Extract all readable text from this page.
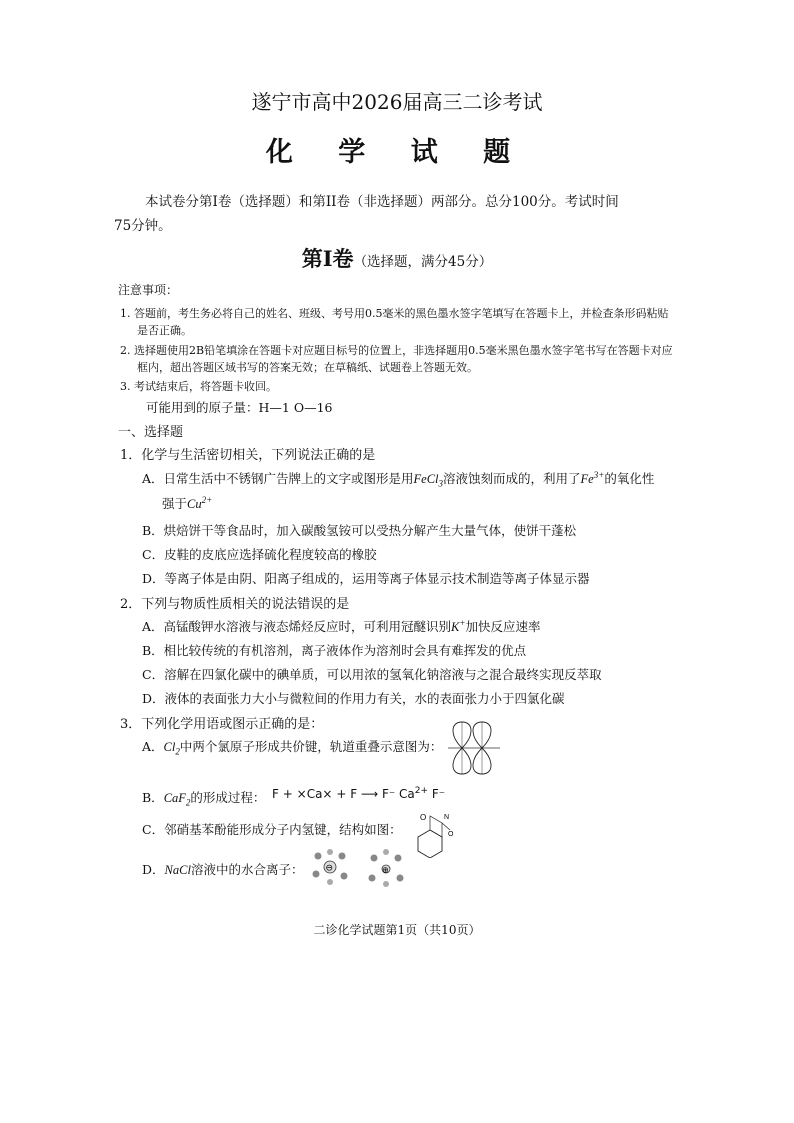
遂宁市高中2026届高三二诊考试
化 学 试 题
本试卷分第Ⅰ卷（选择题）和第II卷（非选择题）两部分。总分100分。考试时间
75分钟。
第Ⅰ卷（选择题，满分45分）
注意事项：
1. 答题前，考生务必将自己的姓名、班级、考号用0.5毫米的黑色墨水签字笔填写在答题卡上，并检查条形码粘贴
是否正确。
2. 选择题使用2B铅笔填涂在答题卡对应题目标号的位置上，非选择题用0.5毫米黑色墨水签字笔书写在答题卡对应
框内，超出答题区域书写的答案无效；在草稿纸、试题卷上答题无效。
3. 考试结束后，将答题卡收回。
可能用到的原子量：H—1 O—16
一、选择题
1．化学与生活密切相关，下列说法正确的是
A．日常生活中不锈钢广告牌上的文字或图形是用FeCl$_3$溶液蚀刻而成的，利用了$Fe^{3+}$的氧化性
强于$Cu^{2+}$
B．烘焙饼干等食品时，加入碳酸氢铵可以受热分解产生大量气体，使饼干蓬松
C．皮鞋的皮底应选择硫化程度较高的橡胶
D．等离子体是由阴、阳离子组成的，运用等离子体显示技术制造等离子体显示器
2．下列与物质性质相关的说法错误的是
A．高锰酸钾水溶液与液态烯烃反应时，可利用冠醚识别K+加快反应速率
B．相比较传统的有机溶剂，离子液体作为溶剂时会具有难挥发的优点
C．溶解在四氯化碳中的碘单质，可以用浓的氢氧化钠溶液与之混合最终实现反萃取
D．液体的表面张力大小与微粒间的作用力有关，水的表面张力小于四氯化碳
3．下列化学用语或图示正确的是：
A．$Cl_2$中两个氯原子形成共价键，轨道重叠示意图为：
B．CaF$_2$的形成过程： F + ×Ca× + F ⟶ F⁻ $Ca^{2+}$ F⁻
C．邻硝基苯酚能形成分子内氢键，结构如图：
O	N
O
D．NaCl溶液中的水合离子： ⊖	⊕
二诊化学试题第1页（共10页）
